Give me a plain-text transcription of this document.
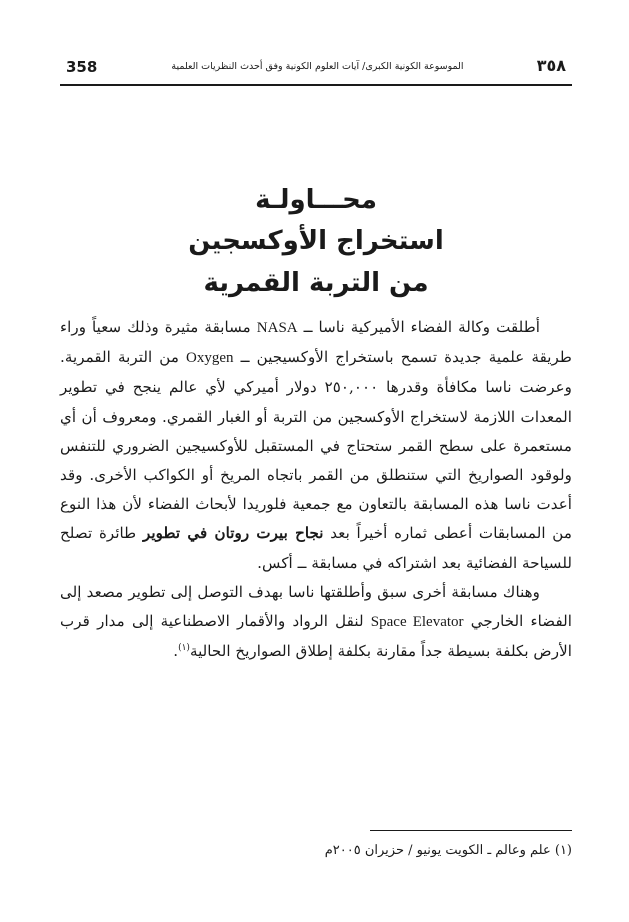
358	الموسوعة الكونية الكبرى/ آيات العلوم الكونية وفق أحدث النظريات العلمية	٣٥٨
محـــاولـة
استخراج الأوكسجين
من التربة القمرية

أطلقت وكالة الفضاء الأميركية ناسا ــ NASA مسابقة مثيرة وذلك سعياً وراء طريقة علمية جديدة تسمح باستخراج الأوكسيجين ــ Oxygen من التربة القمرية. وعرضت ناسا مكافأة وقدرها ٢٥٠,٠٠٠ دولار أميركي لأي عالم ينجح في تطوير المعدات اللازمة لاستخراج الأوكسجين من التربة أو الغبار القمري. ومعروف أن أي مستعمرة على سطح القمر ستحتاج في المستقبل للأوكسيجين الضروري للتنفس ولوقود الصواريخ التي ستنطلق من القمر باتجاه المريخ أو الكواكب الأخرى. وقد أعدت ناسا هذه المسابقة بالتعاون مع جمعية فلوريدا لأبحاث الفضاء لأن هذا النوع من المسابقات أعطى ثماره أخيراً بعد نجاح بيرت روتان في تطوير طائرة تصلح للسياحة الفضائية بعد اشتراكه في مسابقة ــ أكس.

وهناك مسابقة أخرى سبق وأطلقتها ناسا بهدف التوصل إلى تطوير مصعد إلى الفضاء الخارجي Space Elevator لنقل الرواد والأقمار الاصطناعية إلى مدار قرب الأرض بكلفة بسيطة جداً مقارنة بكلفة إطلاق الصواريخ الحالية$^{(١)}$.

(١) علم وعالم ـ الكويت يونيو / حزيران ٢٠٠٥م
